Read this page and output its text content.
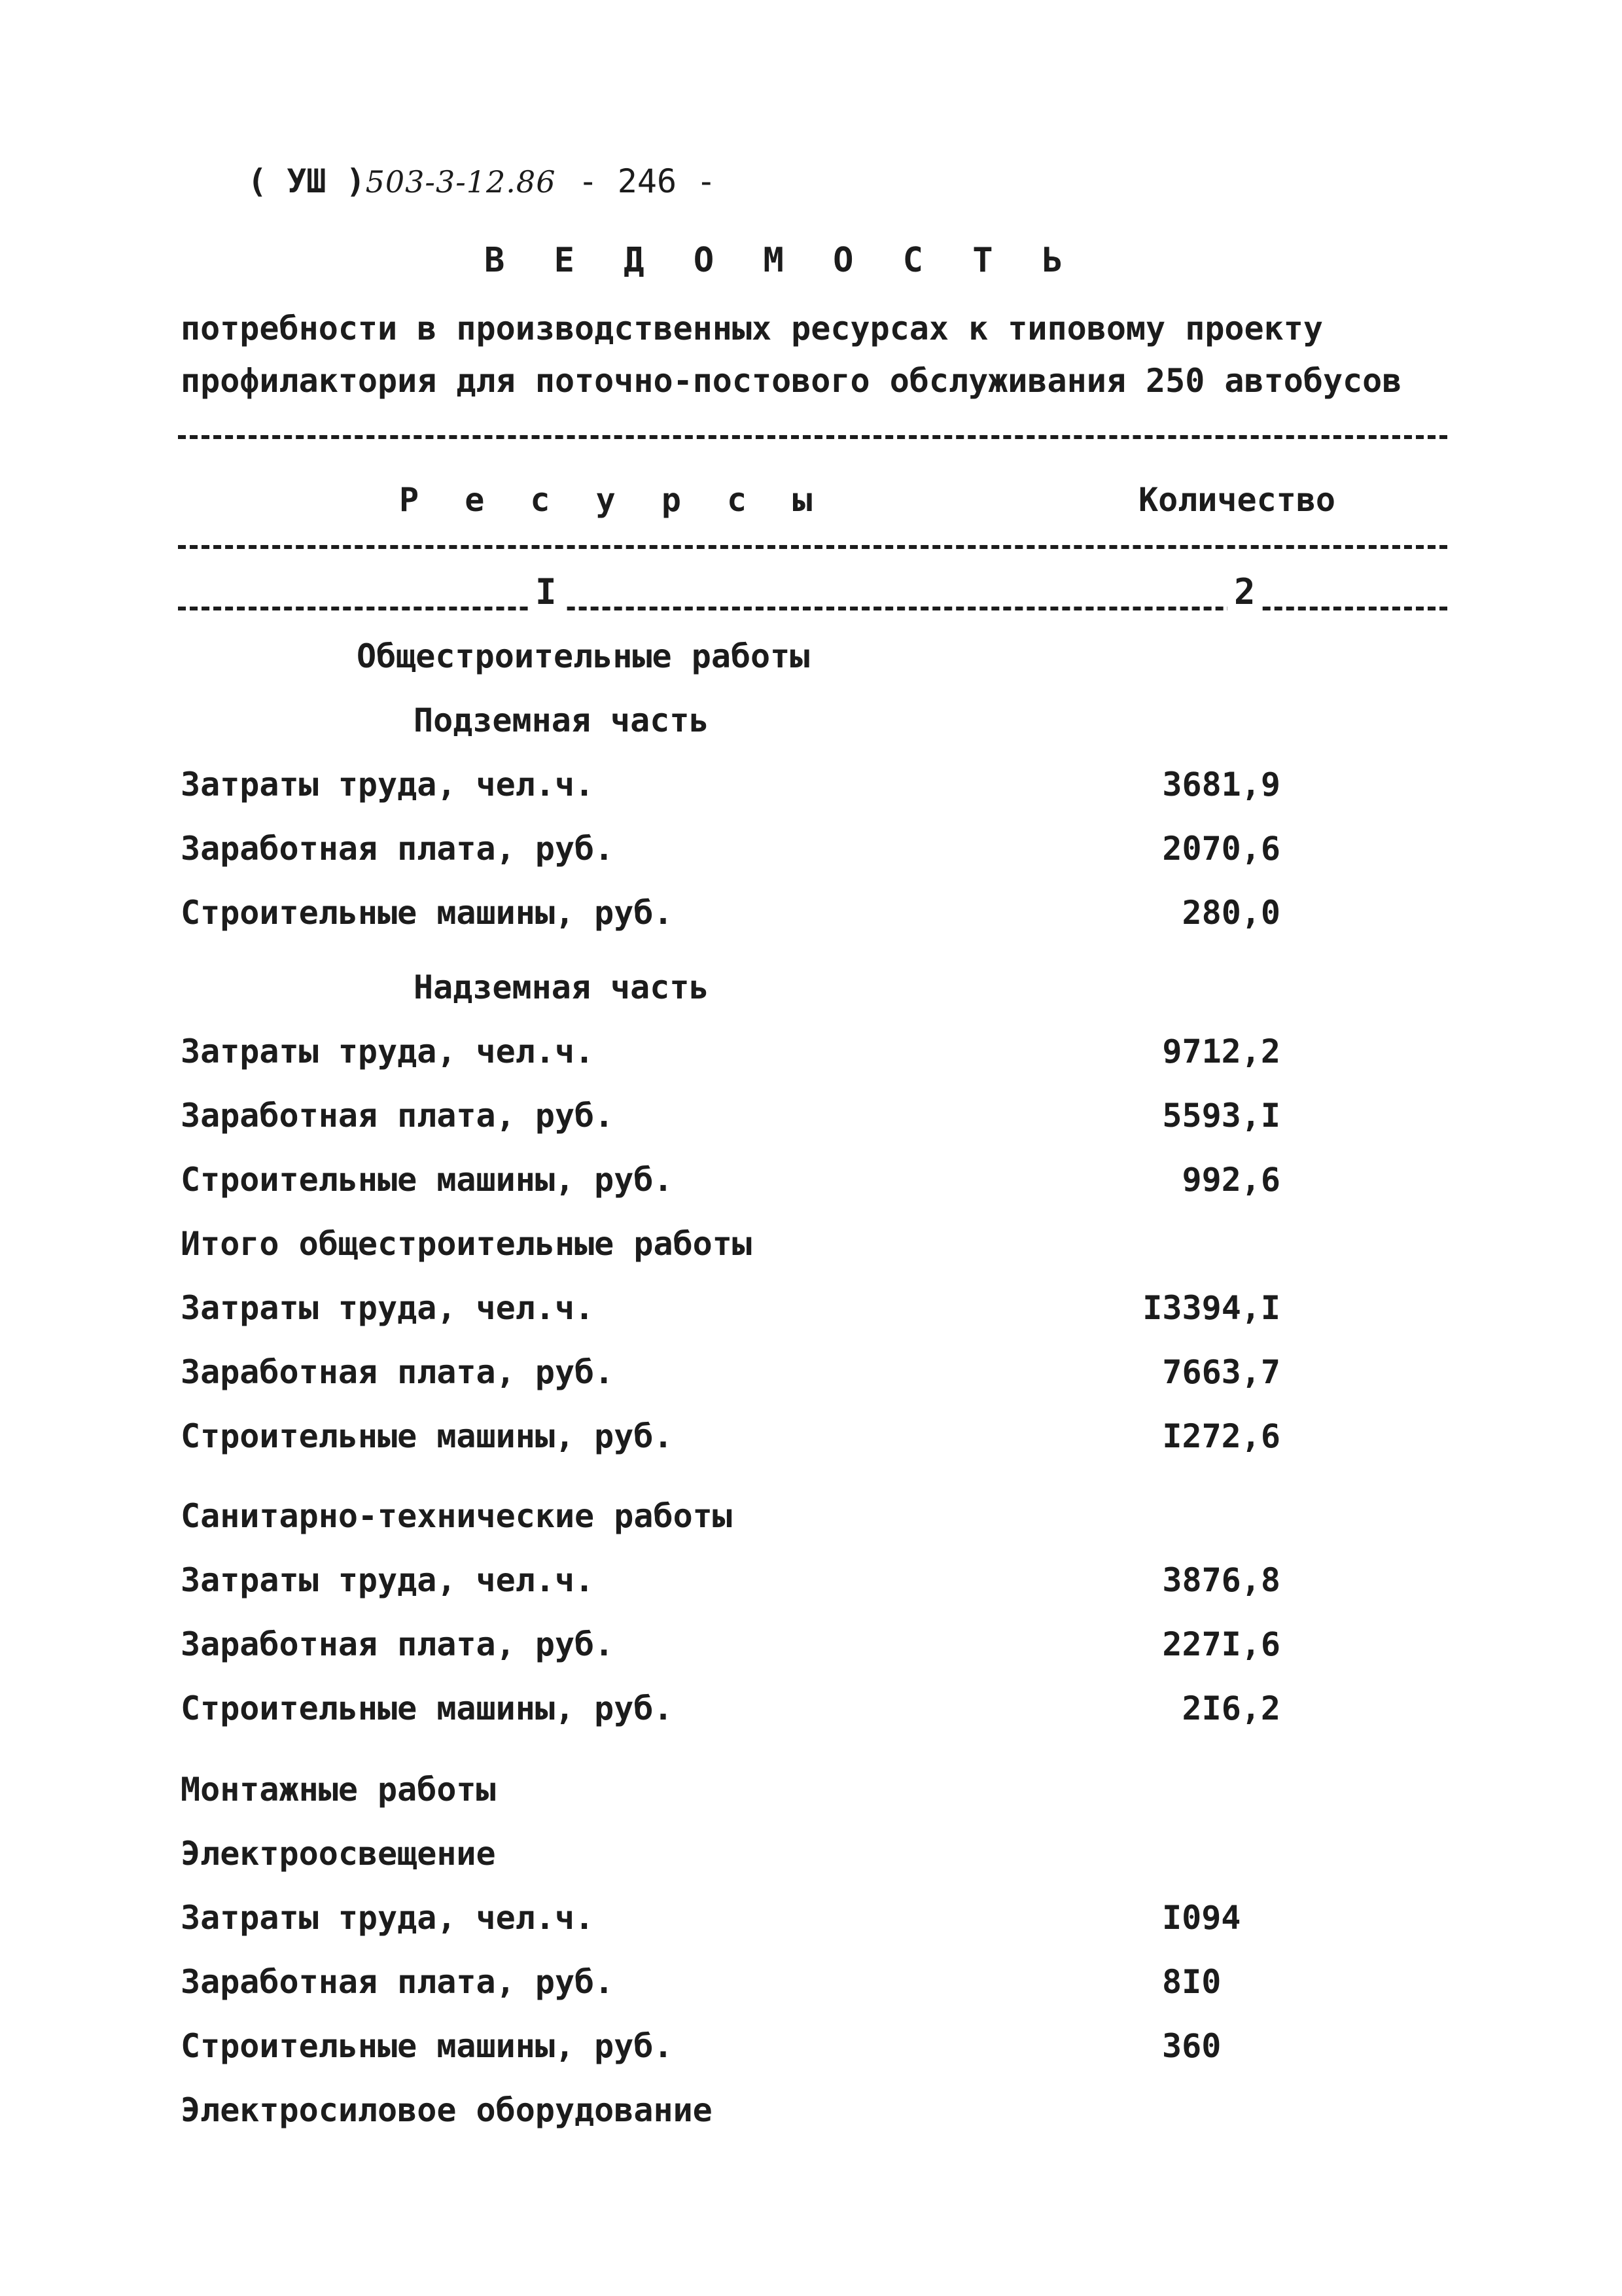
( УШ )503-3-12.86 - 246 -
В Е Д О М О С Т Ь
потребности в производственных ресурсах к типовому проекту
профилактория для поточно-постового обслуживания 250 автобусов
Р е с у р с ы	Количество
I	2
Общестроительные работы
Подземная часть
Затраты труда, чел.ч.	3681,9
Заработная плата, руб.	2070,6
Строительные машины, руб.	280,0
Надземная часть
Затраты труда, чел.ч.	9712,2
Заработная плата, руб.	5593,I
Строительные машины, руб.	992,6
Итого общестроительные работы
Затраты труда, чел.ч.	I3394,I
Заработная плата, руб.	7663,7
Строительные машины, руб.	I272,6
Санитарно-технические работы
Затраты труда, чел.ч.	3876,8
Заработная плата, руб.	227I,6
Строительные машины, руб.	2I6,2
Монтажные работы
Электроосвещение
Затраты труда, чел.ч.	I094
Заработная плата, руб.	8I0
Строительные машины, руб.	360
Электросиловое оборудование
